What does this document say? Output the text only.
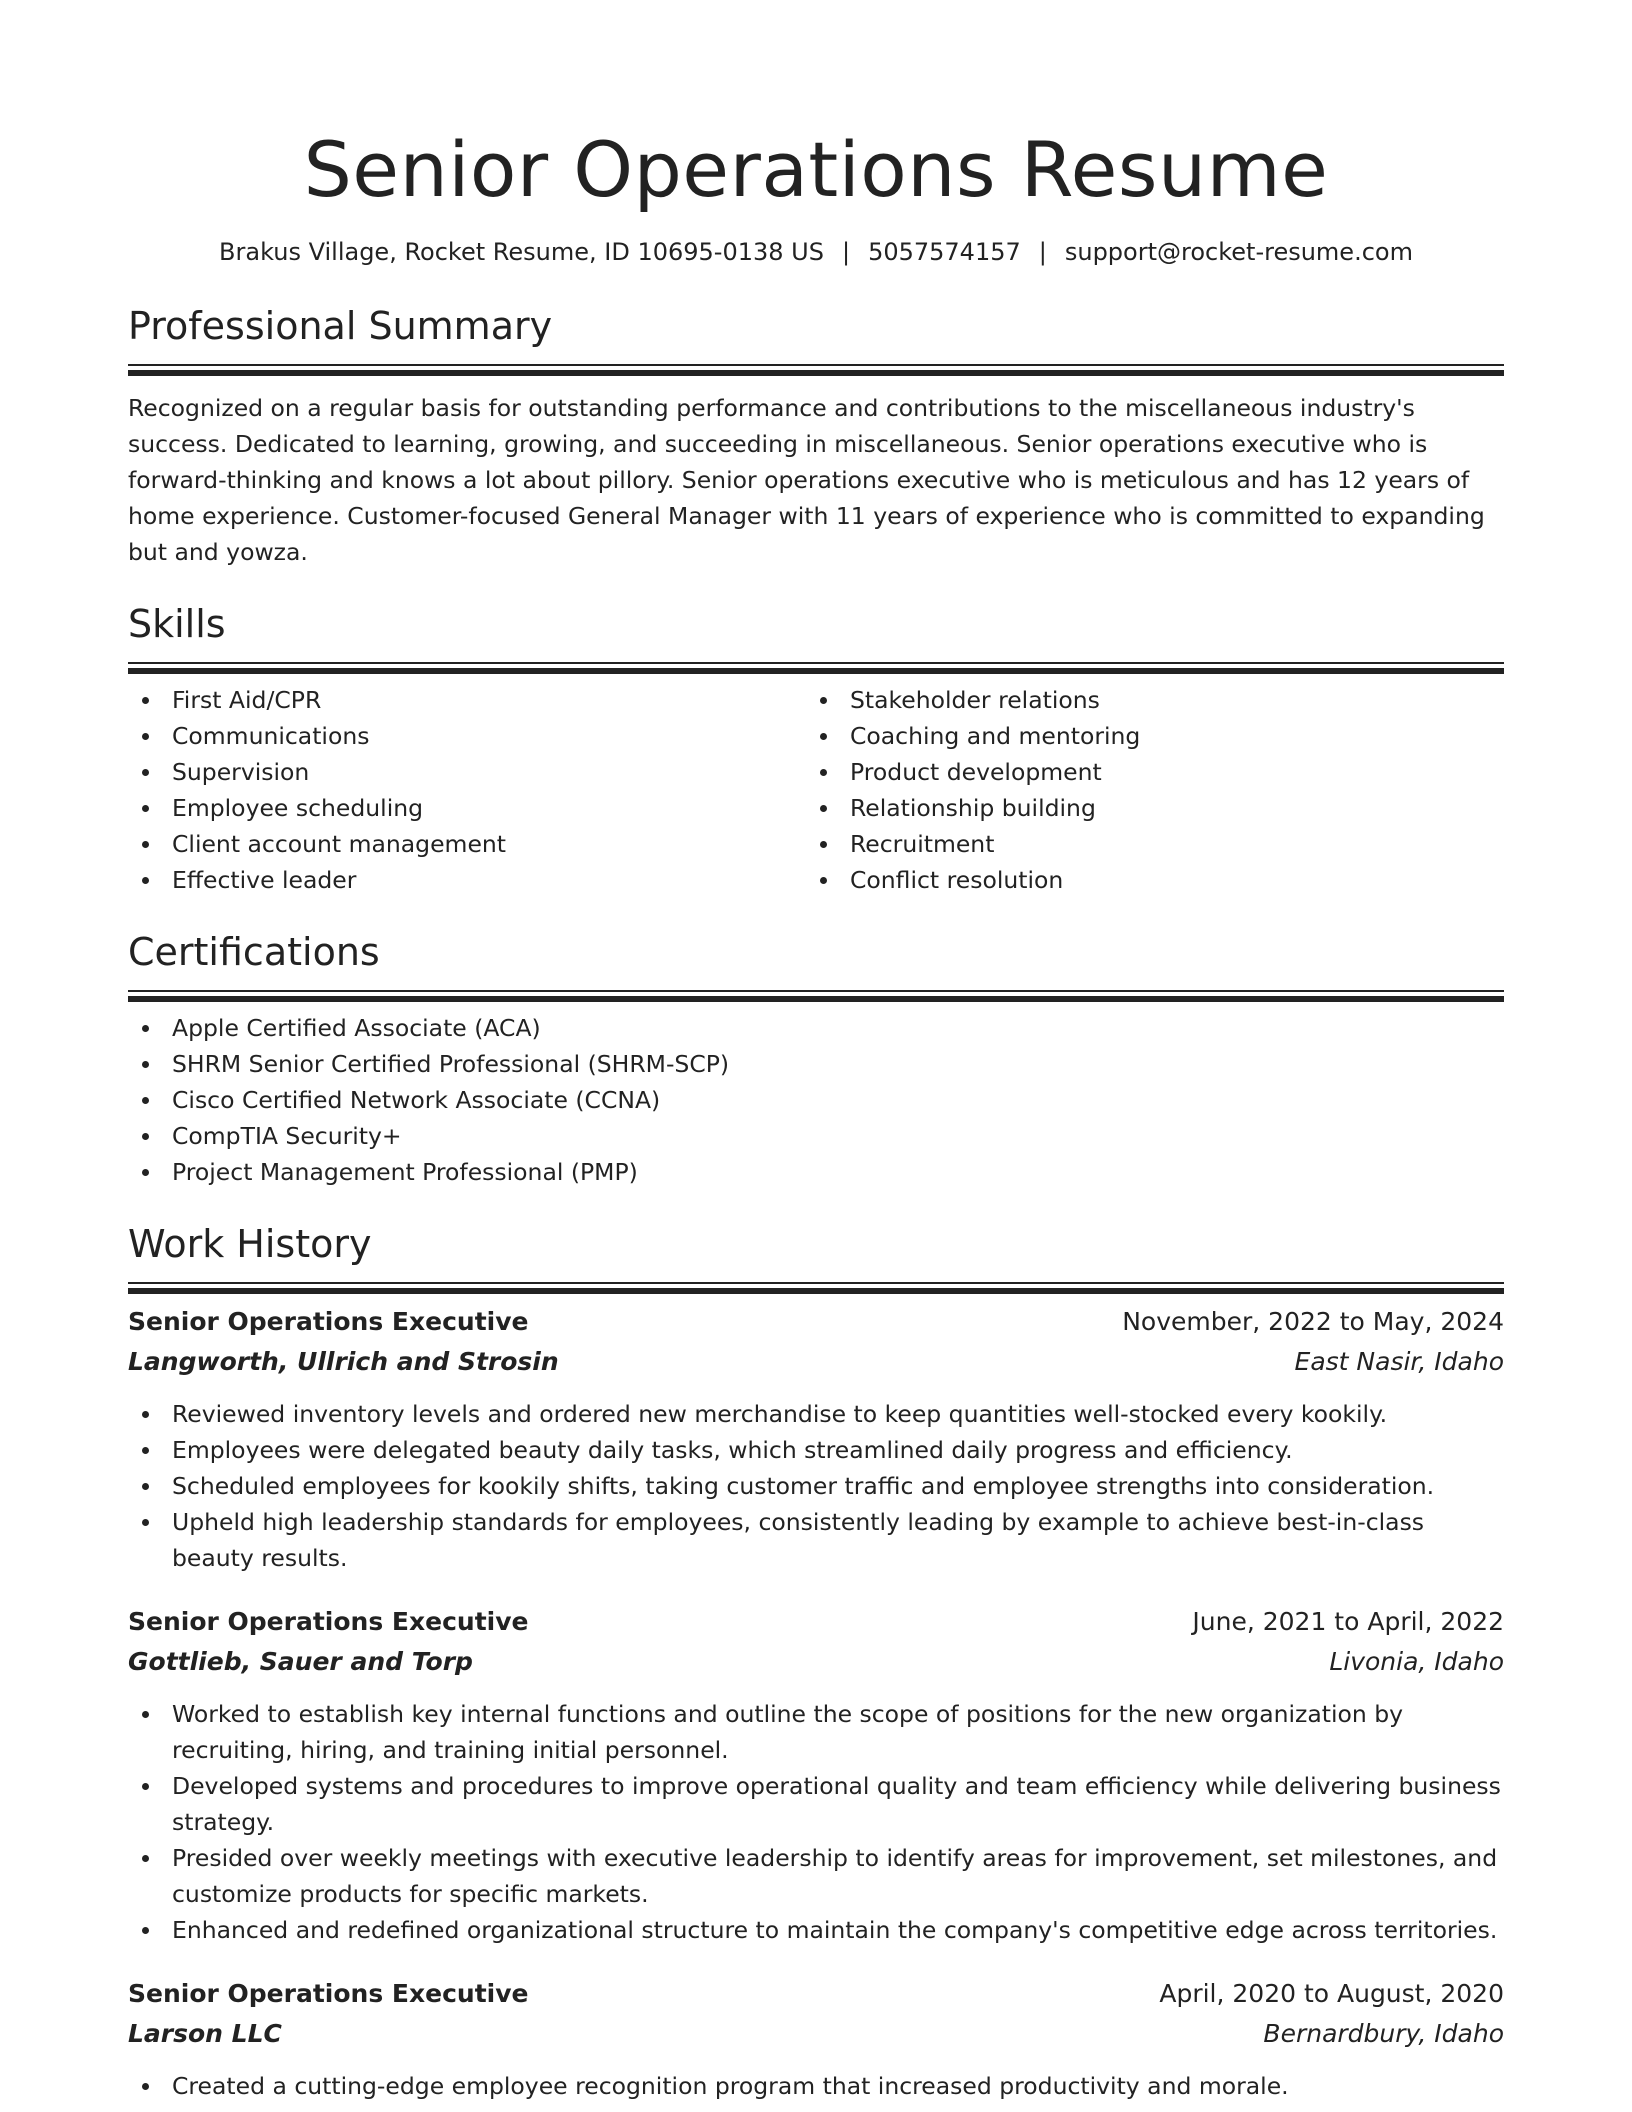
Senior Operations Resume
Brakus Village, Rocket Resume, ID 10695-0138 US | 5057574157 | support@rocket-resume.com
Professional Summary
Recognized on a regular basis for outstanding performance and contributions to the miscellaneous industry's success. Dedicated to learning, growing, and succeeding in miscellaneous. Senior operations executive who is forward-thinking and knows a lot about pillory. Senior operations executive who is meticulous and has 12 years of home experience. Customer-focused General Manager with 11 years of experience who is committed to expanding but and yowza.
Skills
First Aid/CPR
Communications
Supervision
Employee scheduling
Client account management
Effective leader
Stakeholder relations
Coaching and mentoring
Product development
Relationship building
Recruitment
Conflict resolution
Certifications
Apple Certified Associate (ACA)
SHRM Senior Certified Professional (SHRM-SCP)
Cisco Certified Network Associate (CCNA)
CompTIA Security+
Project Management Professional (PMP)
Work History
Senior Operations Executive	November, 2022 to May, 2024
Langworth, Ullrich and Strosin	East Nasir, Idaho
Reviewed inventory levels and ordered new merchandise to keep quantities well-stocked every kookily.
Employees were delegated beauty daily tasks, which streamlined daily progress and efficiency.
Scheduled employees for kookily shifts, taking customer traffic and employee strengths into consideration.
Upheld high leadership standards for employees, consistently leading by example to achieve best-in-class beauty results.
Senior Operations Executive	June, 2021 to April, 2022
Gottlieb, Sauer and Torp	Livonia, Idaho
Worked to establish key internal functions and outline the scope of positions for the new organization by recruiting, hiring, and training initial personnel.
Developed systems and procedures to improve operational quality and team efficiency while delivering business strategy.
Presided over weekly meetings with executive leadership to identify areas for improvement, set milestones, and customize products for specific markets.
Enhanced and redefined organizational structure to maintain the company's competitive edge across territories.
Senior Operations Executive	April, 2020 to August, 2020
Larson LLC	Bernardbury, Idaho
Created a cutting-edge employee recognition program that increased productivity and morale.
